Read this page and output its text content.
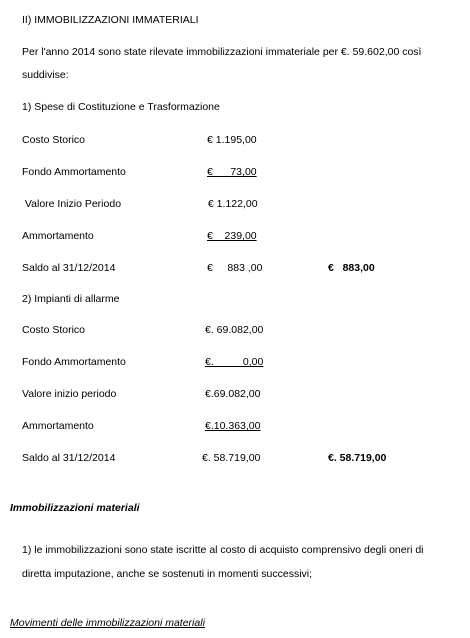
II) IMMOBILIZZAZIONI IMMATERIALI
Per l'anno 2014 sono state rilevate immobilizzazioni immateriale per €. 59.602,00 così
suddivise:
1) Spese di Costituzione e Trasformazione
Costo Storico	€ 1.195,00
Fondo Ammortamento	€      73,00
Valore Inizio Periodo	€ 1.122,00
Ammortamento	€    239,00
Saldo al 31/12/2014	€     883 ,00	€   883,00
2) Impianti di allarme
Costo Storico	€. 69.082,00
Fondo Ammortamento	€.          0,00
Valore inizio periodo	€.69.082,00
Ammortamento	€.10.363,00
Saldo al 31/12/2014	€. 58.719,00	€. 58.719,00
Immobilizzazioni materiali
1) le immobilizzazioni sono state iscritte al costo di acquisto comprensivo degli oneri di
diretta imputazione, anche se sostenuti in momenti successivi;
Movimenti delle immobilizzazioni materiali
